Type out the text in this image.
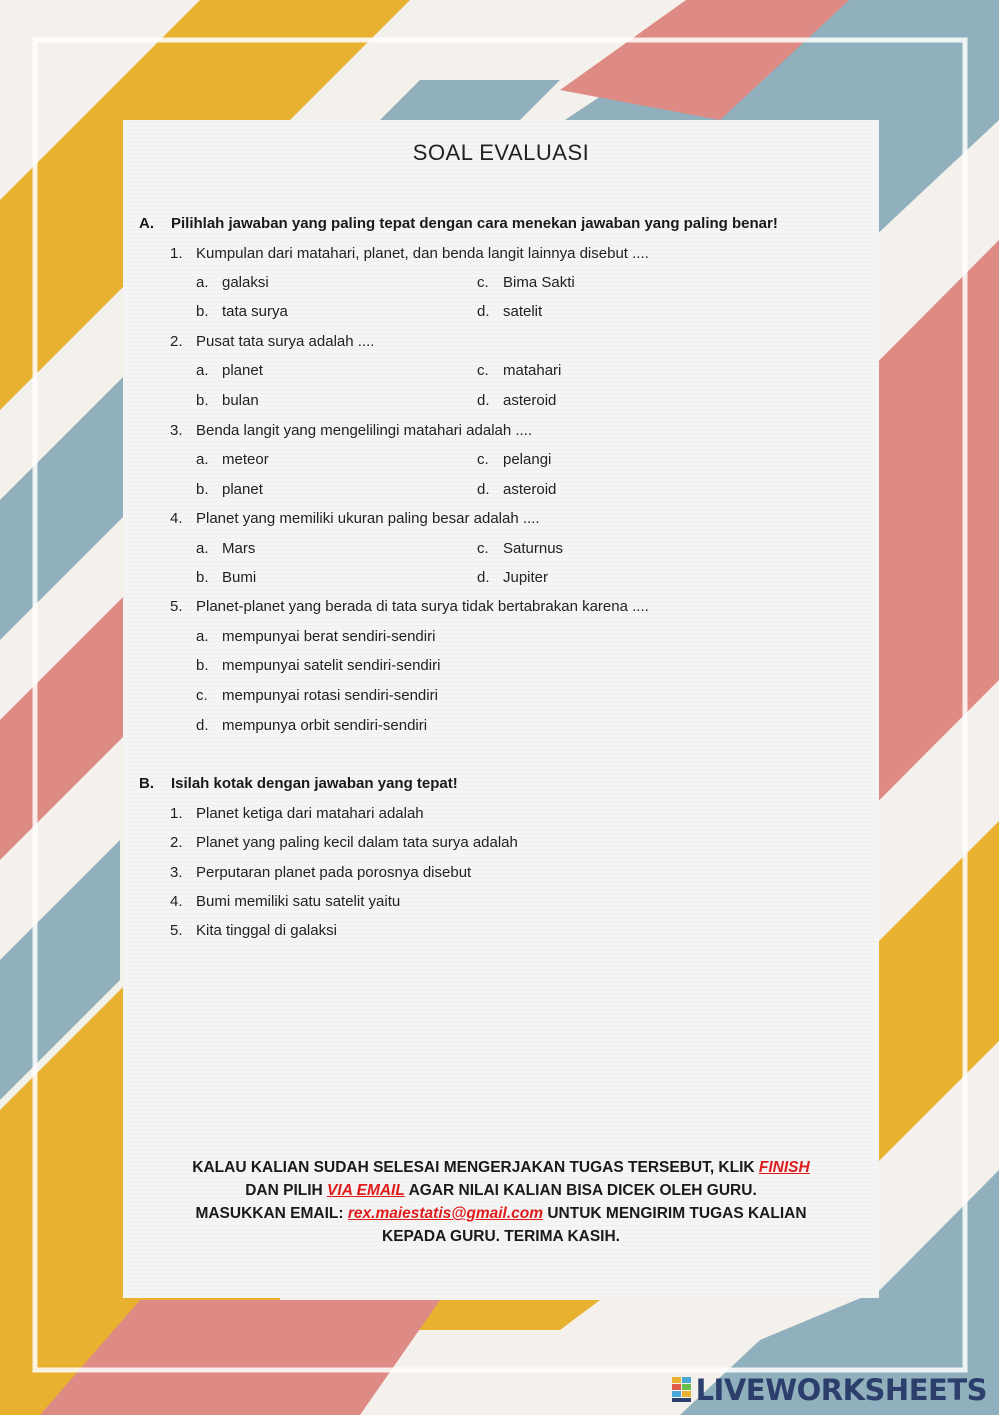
SOAL EVALUASI
A. Pilihlah jawaban yang paling tepat dengan cara menekan jawaban yang paling benar!
1. Kumpulan dari matahari, planet, dan benda langit lainnya disebut ....
a. galaksi	c. Bima Sakti
b. tata surya	d. satelit
2. Pusat tata surya adalah ....
a. planet	c. matahari
b. bulan	d. asteroid
3. Benda langit yang mengelilingi matahari adalah ....
a. meteor	c. pelangi
b. planet	d. asteroid
4. Planet yang memiliki ukuran paling besar adalah ....
a. Mars	c. Saturnus
b. Bumi	d. Jupiter
5. Planet-planet yang berada di tata surya tidak bertabrakan karena ....
a. mempunyai berat sendiri-sendiri
b. mempunyai satelit sendiri-sendiri
c. mempunyai rotasi sendiri-sendiri
d. mempunya orbit sendiri-sendiri
B. Isilah kotak dengan jawaban yang tepat!
1. Planet ketiga dari matahari adalah
2. Planet yang paling kecil dalam tata surya adalah
3. Perputaran planet pada porosnya disebut
4. Bumi memiliki satu satelit yaitu
5. Kita tinggal di galaksi
KALAU KALIAN SUDAH SELESAI MENGERJAKAN TUGAS TERSEBUT, KLIK FINISH
DAN PILIH VIA EMAIL AGAR NILAI KALIAN BISA DICEK OLEH GURU.
MASUKKAN EMAIL: rex.maiestatis@gmail.com UNTUK MENGIRIM TUGAS KALIAN
KEPADA GURU. TERIMA KASIH.
LIVEWORKSHEETS
